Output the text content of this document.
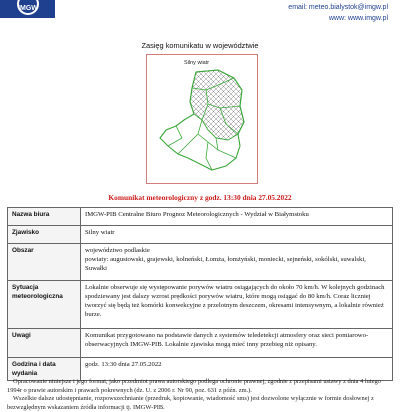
IMGW	email: meteo.bialystok@imgw.pl
www: www.imgw.pl
Zasięg komunikatu w województwie
Silny wiatr
Komunikat meteorologiczny z godz. 13:30 dnia 27.05.2022
Nazwa biura	IMGW-PIB Centralne Biuro Prognoz Meteorologicznych - Wydział w Białymstoku
Zjawisko	Silny wiatr
Obszar	województwo podlaskie
powiaty: augustowski, grajewski, kolneński, Łomża, łomżyński, moniecki, sejneński, sokólski, suwalski, Suwałki

Sytuacja meteorologiczna	Lokalnie obserwuje się występowanie porywów wiatru osiągających do około 70 km/h. W kolejnych godzinach spodziewany jest dalszy wzrost prędkości porywów wiatru, które mogą osiągać do 80 km/h. Coraz liczniej tworzyć się będą też komórki konwekcyjne z przelotnym deszczem, okresami intensywnym, a lokalnie również burze.
Uwagi	Komunikat przygotowano na podstawie danych z systemów teledetekcji atmosfery oraz sieci pomiarowo-obserwacyjnych IMGW-PIB. Lokalnie zjawiska mogą mieć inny przebieg niż opisany.
Godzina i data wydania	godz. 13:30 dnia 27.05.2022

Opracowanie niniejsze i jego format, jako przedmiot prawa autorskiego podlega ochronie prawnej, zgodnie z przepisami ustawy z dnia 4 lutego 1994r o prawie autorskim i prawach pokrewnych (dz. U. z 2006 r. Nr 90, poz. 631 z późn. zm.).

Wszelkie dalsze udostępnianie, rozpowszechnianie (przedruk, kopiowanie, wiadomość sms) jest dozwolone wyłącznie w formie dosłownej z bezwzględnym wskazaniem źródła informacji tj. IMGW-PIB.
